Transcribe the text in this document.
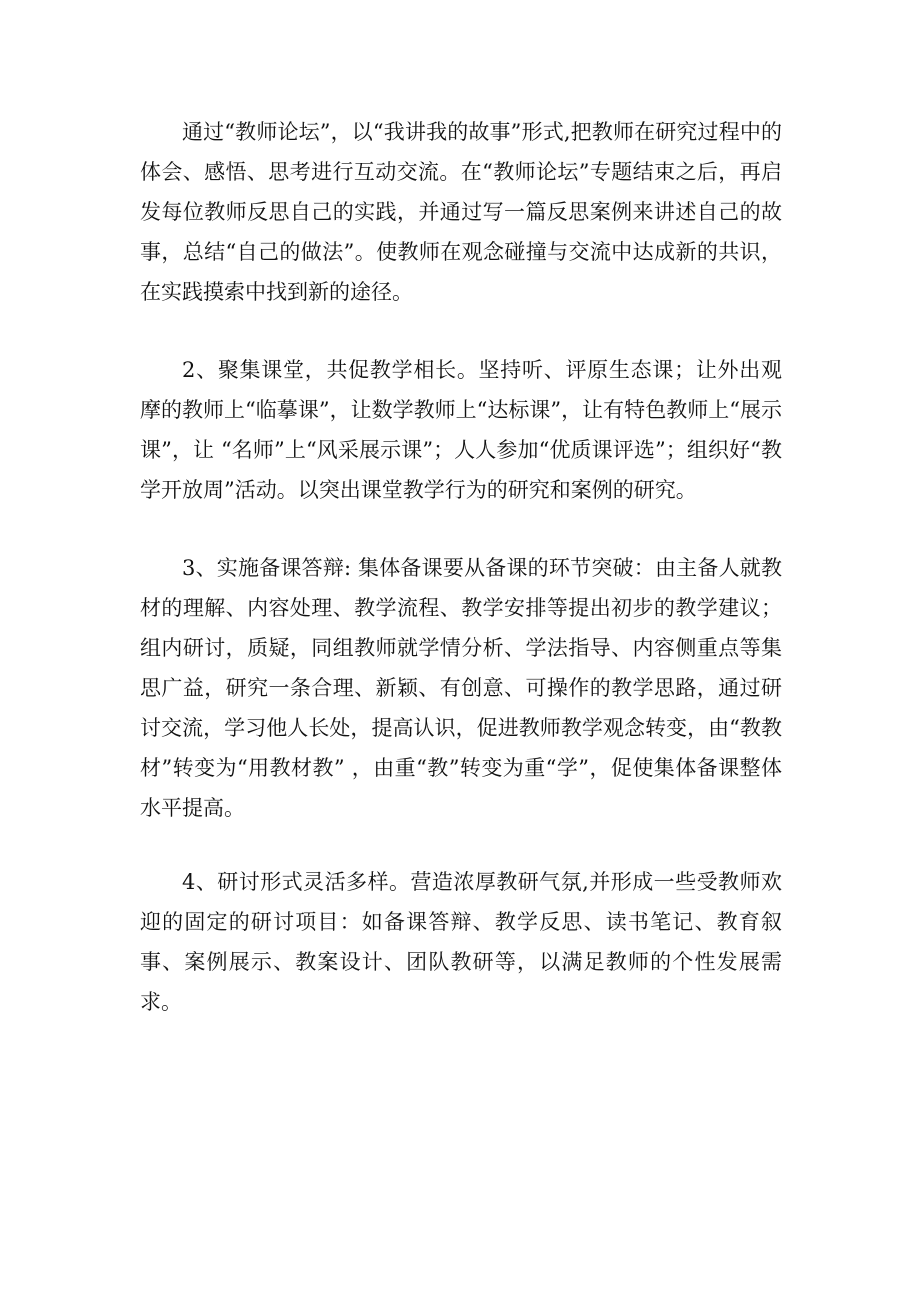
通过“教师论坛”，以“我讲我的故事”形式,把教师在研究过程中的体会、感悟、思考进行互动交流。在“教师论坛”专题结束之后，再启发每位教师反思自己的实践，并通过写一篇反思案例来讲述自己的故事，总结“自己的做法”。使教师在观念碰撞与交流中达成新的共识，在实践摸索中找到新的途径。

2、聚集课堂，共促教学相长。坚持听、评原生态课；让外出观摩的教师上“临摹课”，让数学教师上“达标课”，让有特色教师上“展示课”，让 “名师”上“风采展示课”；人人参加“优质课评选”；组织好“教学开放周”活动。以突出课堂教学行为的研究和案例的研究。

3、实施备课答辩: 集体备课要从备课的环节突破：由主备人就教材的理解、内容处理、教学流程、教学安排等提出初步的教学建议；组内研讨，质疑，同组教师就学情分析、学法指导、内容侧重点等集思广益，研究一条合理、新颖、有创意、可操作的教学思路，通过研讨交流，学习他人长处，提高认识，促进教师教学观念转变，由“教教材”转变为“用教材教” ，由重“教”转变为重“学”，促使集体备课整体水平提高。

4、研讨形式灵活多样。营造浓厚教研气氛,并形成一些受教师欢迎的固定的研讨项目：如备课答辩、教学反思、读书笔记、教育叙事、案例展示、教案设计、团队教研等，以满足教师的个性发展需求。
